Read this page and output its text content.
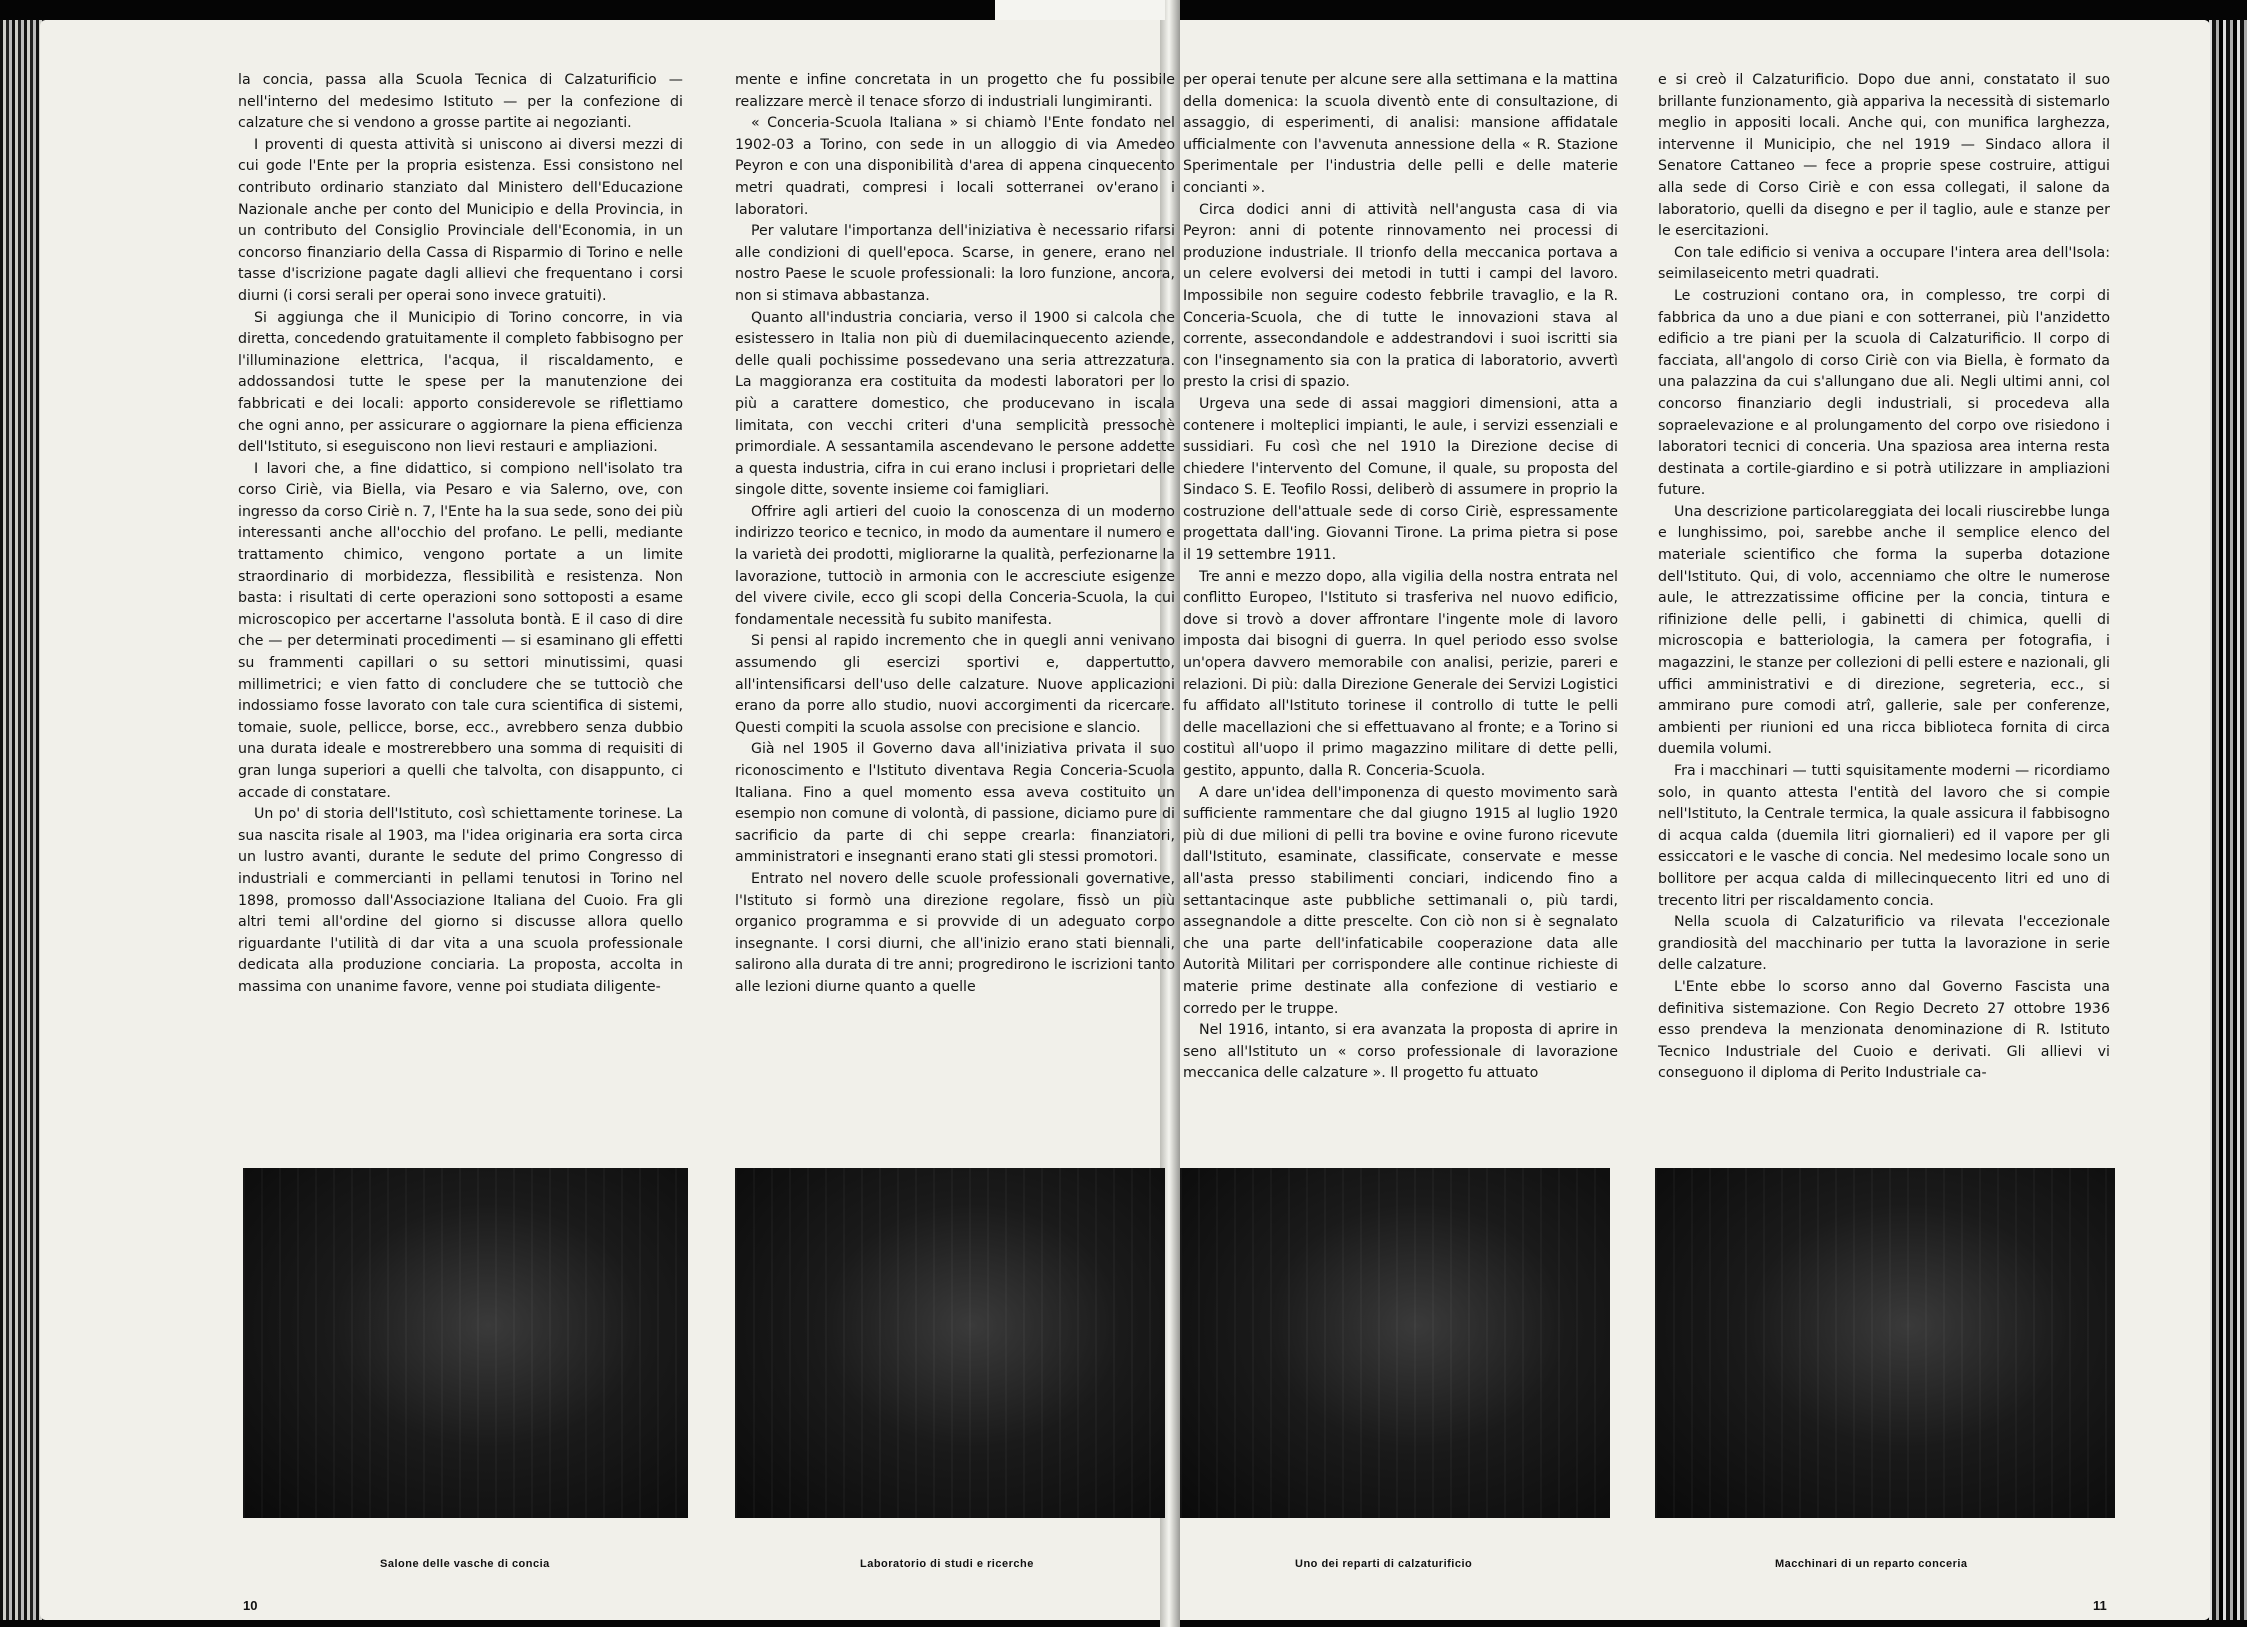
la concia, passa alla Scuola Tecnica di Calzaturificio — nell'interno del medesimo Istituto — per la confezione di calzature che si vendono a grosse partite ai negozianti.

I proventi di questa attività si uniscono ai diversi mezzi di cui gode l'Ente per la propria esistenza. Essi consistono nel contributo ordinario stanziato dal Ministero dell'Educazione Nazionale anche per conto del Municipio e della Provincia, in un contributo del Consiglio Provinciale dell'Economia, in un concorso finanziario della Cassa di Risparmio di Torino e nelle tasse d'iscrizione pagate dagli allievi che frequentano i corsi diurni (i corsi serali per operai sono invece gratuiti).

Si aggiunga che il Municipio di Torino concorre, in via diretta, concedendo gratuitamente il completo fabbisogno per l'illuminazione elettrica, l'acqua, il riscaldamento, e addossandosi tutte le spese per la manutenzione dei fabbricati e dei locali: apporto considerevole se riflettiamo che ogni anno, per assicurare o aggiornare la piena efficienza dell'Istituto, si eseguiscono non lievi restauri e ampliazioni.

I lavori che, a fine didattico, si compiono nell'isolato tra corso Ciriè, via Biella, via Pesaro e via Salerno, ove, con ingresso da corso Ciriè n. 7, l'Ente ha la sua sede, sono dei più interessanti anche all'occhio del profano. Le pelli, mediante trattamento chimico, vengono portate a un limite straordinario di morbidezza, flessibilità e resistenza. Non basta: i risultati di certe operazioni sono sottoposti a esame microscopico per accertarne l'assoluta bontà. E il caso di dire che — per determinati procedimenti — si esaminano gli effetti su frammenti capillari o su settori minutissimi, quasi millimetrici; e vien fatto di concludere che se tuttociò che indossiamo fosse lavorato con tale cura scientifica di sistemi, tomaie, suole, pellicce, borse, ecc., avrebbero senza dubbio una durata ideale e mostrerebbero una somma di requisiti di gran lunga superiori a quelli che talvolta, con disappunto, ci accade di constatare.

Un po' di storia dell'Istituto, così schiettamente torinese. La sua nascita risale al 1903, ma l'idea originaria era sorta circa un lustro avanti, durante le sedute del primo Congresso di industriali e commercianti in pellami tenutosi in Torino nel 1898, promosso dall'Associazione Italiana del Cuoio. Fra gli altri temi all'ordine del giorno si discusse allora quello riguardante l'utilità di dar vita a una scuola professionale dedicata alla produzione conciaria. La proposta, accolta in massima con unanime favore, venne poi studiata diligente-

mente e infine concretata in un progetto che fu possibile realizzare mercè il tenace sforzo di industriali lungimiranti.

« Conceria-Scuola Italiana » si chiamò l'Ente fondato nel 1902-03 a Torino, con sede in un alloggio di via Amedeo Peyron e con una disponibilità d'area di appena cinquecento metri quadrati, compresi i locali sotterranei ov'erano i laboratori.

Per valutare l'importanza dell'iniziativa è necessario rifarsi alle condizioni di quell'epoca. Scarse, in genere, erano nel nostro Paese le scuole professionali: la loro funzione, ancora, non si stimava abbastanza.

Quanto all'industria conciaria, verso il 1900 si calcola che esistessero in Italia non più di duemilacinquecento aziende, delle quali pochissime possedevano una seria attrezzatura. La maggioranza era costituita da modesti laboratori per lo più a carattere domestico, che producevano in iscala limitata, con vecchi criteri d'una semplicità pressochè primordiale. A sessantamila ascendevano le persone addette a questa industria, cifra in cui erano inclusi i proprietari delle singole ditte, sovente insieme coi famigliari.

Offrire agli artieri del cuoio la conoscenza di un moderno indirizzo teorico e tecnico, in modo da aumentare il numero e la varietà dei prodotti, migliorarne la qualità, perfezionarne la lavorazione, tuttociò in armonia con le accresciute esigenze del vivere civile, ecco gli scopi della Conceria-Scuola, la cui fondamentale necessità fu subito manifesta.

Si pensi al rapido incremento che in quegli anni venivano assumendo gli esercizi sportivi e, dappertutto, all'intensificarsi dell'uso delle calzature. Nuove applicazioni erano da porre allo studio, nuovi accorgimenti da ricercare. Questi compiti la scuola assolse con precisione e slancio.

Già nel 1905 il Governo dava all'iniziativa privata il suo riconoscimento e l'Istituto diventava Regia Conceria-Scuola Italiana. Fino a quel momento essa aveva costituito un esempio non comune di volontà, di passione, diciamo pure di sacrificio da parte di chi seppe crearla: finanziatori, amministratori e insegnanti erano stati gli stessi promotori.

Entrato nel novero delle scuole professionali governative, l'Istituto si formò una direzione regolare, fissò un più organico programma e si provvide di un adeguato corpo insegnante. I corsi diurni, che all'inizio erano stati biennali, salirono alla durata di tre anni; progredirono le iscrizioni tanto alle lezioni diurne quanto a quelle

per operai tenute per alcune sere alla settimana e la mattina della domenica: la scuola diventò ente di consultazione, di assaggio, di esperimenti, di analisi: mansione affidatale ufficialmente con l'avvenuta annessione della « R. Stazione Sperimentale per l'industria delle pelli e delle materie concianti ».

Circa dodici anni di attività nell'angusta casa di via Peyron: anni di potente rinnovamento nei processi di produzione industriale. Il trionfo della meccanica portava a un celere evolversi dei metodi in tutti i campi del lavoro. Impossibile non seguire codesto febbrile travaglio, e la R. Conceria-Scuola, che di tutte le innovazioni stava al corrente, assecondandole e addestrandovi i suoi iscritti sia con l'insegnamento sia con la pratica di laboratorio, avvertì presto la crisi di spazio.

Urgeva una sede di assai maggiori dimensioni, atta a contenere i molteplici impianti, le aule, i servizi essenziali e sussidiari. Fu così che nel 1910 la Direzione decise di chiedere l'intervento del Comune, il quale, su proposta del Sindaco S. E. Teofilo Rossi, deliberò di assumere in proprio la costruzione dell'attuale sede di corso Ciriè, espressamente progettata dall'ing. Giovanni Tirone. La prima pietra si pose il 19 settembre 1911.

Tre anni e mezzo dopo, alla vigilia della nostra entrata nel conflitto Europeo, l'Istituto si trasferiva nel nuovo edificio, dove si trovò a dover affrontare l'ingente mole di lavoro imposta dai bisogni di guerra. In quel periodo esso svolse un'opera davvero memorabile con analisi, perizie, pareri e relazioni. Di più: dalla Direzione Generale dei Servizi Logistici fu affidato all'Istituto torinese il controllo di tutte le pelli delle macellazioni che si effettuavano al fronte; e a Torino si costituì all'uopo il primo magazzino militare di dette pelli, gestito, appunto, dalla R. Conceria-Scuola.

A dare un'idea dell'imponenza di questo movimento sarà sufficiente rammentare che dal giugno 1915 al luglio 1920 più di due milioni di pelli tra bovine e ovine furono ricevute dall'Istituto, esaminate, classificate, conservate e messe all'asta presso stabilimenti conciari, indicendo fino a settantacinque aste pubbliche settimanali o, più tardi, assegnandole a ditte prescelte. Con ciò non si è segnalato che una parte dell'infaticabile cooperazione data alle Autorità Militari per corrispondere alle continue richieste di materie prime destinate alla confezione di vestiario e corredo per le truppe.

Nel 1916, intanto, si era avanzata la proposta di aprire in seno all'Istituto un « corso professionale di lavorazione meccanica delle calzature ». Il progetto fu attuato

e si creò il Calzaturificio. Dopo due anni, constatato il suo brillante funzionamento, già appariva la necessità di sistemarlo meglio in appositi locali. Anche qui, con munifica larghezza, intervenne il Municipio, che nel 1919 — Sindaco allora il Senatore Cattaneo — fece a proprie spese costruire, attigui alla sede di Corso Ciriè e con essa collegati, il salone da laboratorio, quelli da disegno e per il taglio, aule e stanze per le esercitazioni.

Con tale edificio si veniva a occupare l'intera area dell'Isola: seimilaseicento metri quadrati.

Le costruzioni contano ora, in complesso, tre corpi di fabbrica da uno a due piani e con sotterranei, più l'anzidetto edificio a tre piani per la scuola di Calzaturificio. Il corpo di facciata, all'angolo di corso Ciriè con via Biella, è formato da una palazzina da cui s'allungano due ali. Negli ultimi anni, col concorso finanziario degli industriali, si procedeva alla sopraelevazione e al prolungamento del corpo ove risiedono i laboratori tecnici di conceria. Una spaziosa area interna resta destinata a cortile-giardino e si potrà utilizzare in ampliazioni future.

Una descrizione particolareggiata dei locali riuscirebbe lunga e lunghissimo, poi, sarebbe anche il semplice elenco del materiale scientifico che forma la superba dotazione dell'Istituto. Qui, di volo, accenniamo che oltre le numerose aule, le attrezzatissime officine per la concia, tintura e rifinizione delle pelli, i gabinetti di chimica, quelli di microscopia e batteriologia, la camera per fotografia, i magazzini, le stanze per collezioni di pelli estere e nazionali, gli uffici amministrativi e di direzione, segreteria, ecc., si ammirano pure comodi atrî, gallerie, sale per conferenze, ambienti per riunioni ed una ricca biblioteca fornita di circa duemila volumi.

Fra i macchinari — tutti squisitamente moderni — ricordiamo solo, in quanto attesta l'entità del lavoro che si compie nell'Istituto, la Centrale termica, la quale assicura il fabbisogno di acqua calda (duemila litri giornalieri) ed il vapore per gli essiccatori e le vasche di concia. Nel medesimo locale sono un bollitore per acqua calda di millecinquecento litri ed uno di trecento litri per riscaldamento concia.

Nella scuola di Calzaturificio va rilevata l'eccezionale grandiosità del macchinario per tutta la lavorazione in serie delle calzature.

L'Ente ebbe lo scorso anno dal Governo Fascista una definitiva sistemazione. Con Regio Decreto 27 ottobre 1936 esso prendeva la menzionata denominazione di R. Istituto Tecnico Industriale del Cuoio e derivati. Gli allievi vi conseguono il diploma di Perito Industriale ca-

Salone delle vasche di concia	Laboratorio di studi e ricerche	Uno dei reparti di calzaturificio	Macchinari di un reparto conceria
10	11
